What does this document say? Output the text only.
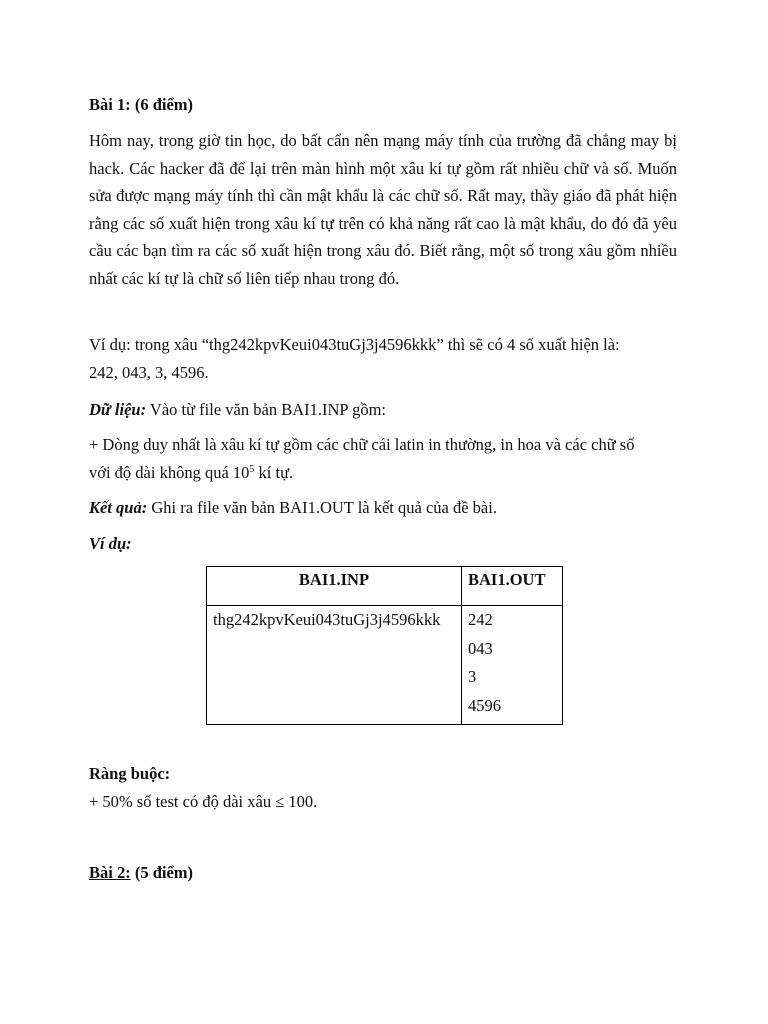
Bài 1: (6 điểm)
Hôm nay, trong giờ tin học, do bất cẩn nên mạng máy tính của trường đã chẳng may bị hack. Các hacker đã để lại trên màn hình một xâu kí tự gồm rất nhiều chữ và số. Muốn sửa được mạng máy tính thì cần mật khẩu là các chữ số. Rất may, thầy giáo đã phát hiện rằng các số xuất hiện trong xâu kí tự trên có khả năng rất cao là mật khẩu, do đó đã yêu cầu các bạn tìm ra các số xuất hiện trong xâu đó. Biết rằng, một số trong xâu gồm nhiều nhất các kí tự là chữ số liên tiếp nhau trong đó.
Ví dụ: trong xâu “thg242kpvKeui043tuGj3j4596kkk” thì sẽ có 4 số xuất hiện là:
242, 043, 3, 4596.
Dữ liệu: Vào từ file văn bản BAI1.INP gồm:
+ Dòng duy nhất là xâu kí tự gồm các chữ cái latin in thường, in hoa và các chữ số
với độ dài không quá $10^5$ kí tự.
Kết quả: Ghi ra file văn bản BAI1.OUT là kết quả của đề bài.
Ví dụ:
BAI1.INP	BAI1.OUT
thg242kpvKeui043tuGj3j4596kkk	242
043
3
4596
Ràng buộc:
+ 50% số test có độ dài xâu ≤ 100.
Bài 2: (5 điểm)
